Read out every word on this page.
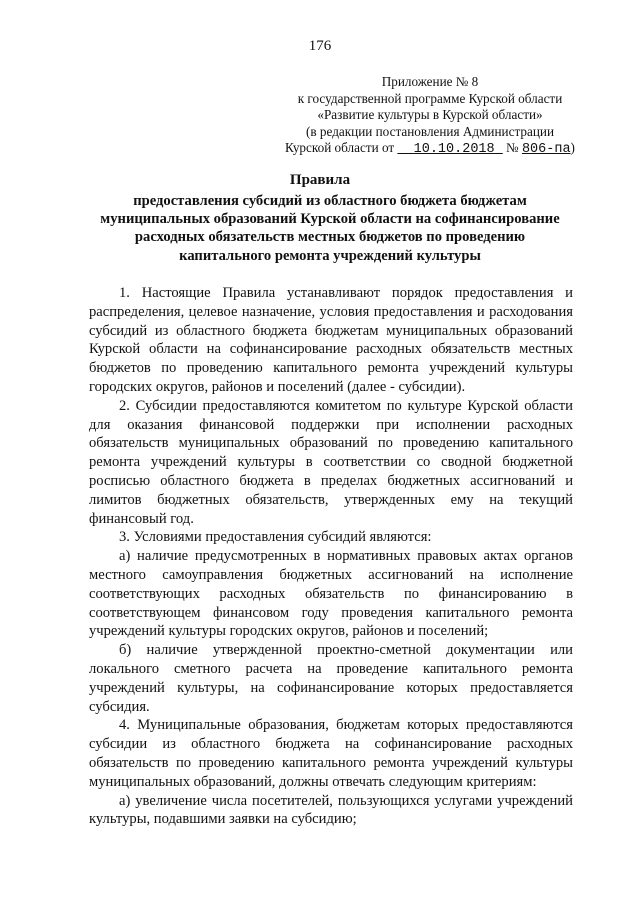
176
Приложение № 8
к государственной программе Курской области
«Развитие культуры в Курской области»
(в редакции постановления Администрации
Курской области от 10.10.2018 № 806-па)
Правила
предоставления субсидий из областного бюджета бюджетам муниципальных образований Курской области на софинансирование расходных обязательств местных бюджетов по проведению капитального ремонта учреждений культуры

1. Настоящие Правила устанавливают порядок предоставления и распределения, целевое назначение, условия предоставления и расходования субсидий из областного бюджета бюджетам муниципальных образований Курской области на софинансирование расходных обязательств местных бюджетов по проведению капитального ремонта учреждений культуры городских округов, районов и поселений (далее - субсидии).

2. Субсидии предоставляются комитетом по культуре Курской области для оказания финансовой поддержки при исполнении расходных обязательств муниципальных образований по проведению капитального ремонта учреждений культуры в соответствии со сводной бюджетной росписью областного бюджета в пределах бюджетных ассигнований и лимитов бюджетных обязательств, утвержденных ему на текущий финансовый год.

3. Условиями предоставления субсидий являются:

а) наличие предусмотренных в нормативных правовых актах органов местного самоуправления бюджетных ассигнований на исполнение соответствующих расходных обязательств по финансированию в соответствующем финансовом году проведения капитального ремонта учреждений культуры городских округов, районов и поселений;

б) наличие утвержденной проектно-сметной документации или локального сметного расчета на проведение капитального ремонта учреждений культуры, на софинансирование которых предоставляется субсидия.

4. Муниципальные образования, бюджетам которых предоставляются субсидии из областного бюджета на софинансирование расходных обязательств по проведению капитального ремонта учреждений культуры муниципальных образований, должны отвечать следующим критериям:

а) увеличение числа посетителей, пользующихся услугами учреждений культуры, подавшими заявки на субсидию;
